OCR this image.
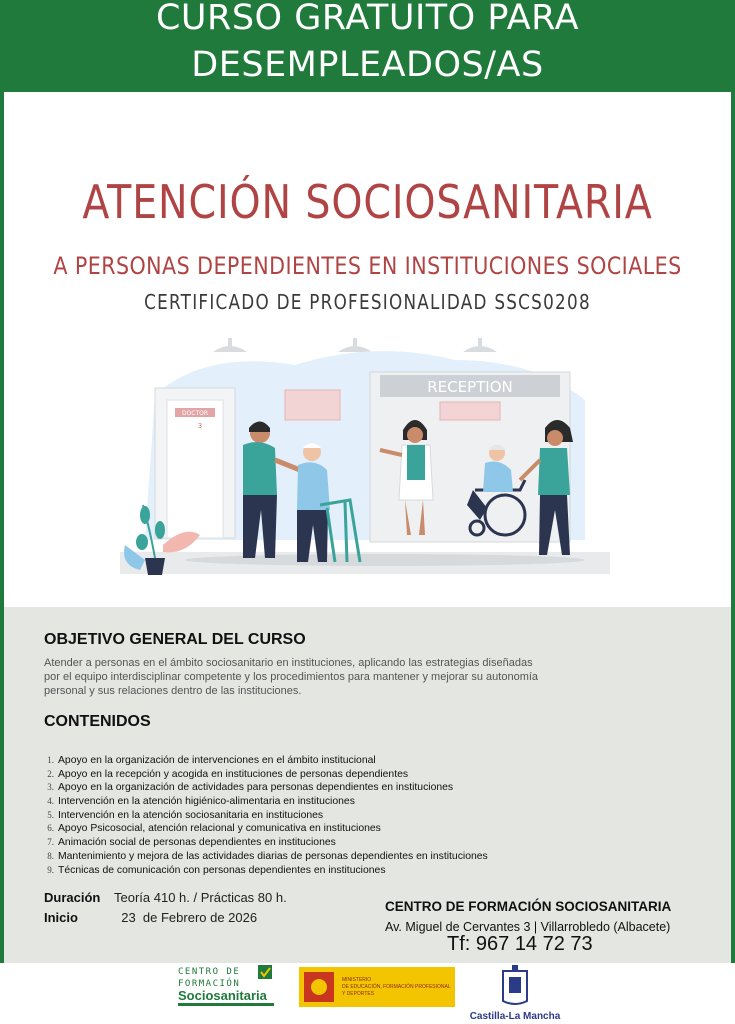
CURSO GRATUITO PARA
DESEMPLEADOS/AS
ATENCIÓN SOCIOSANITARIA
A PERSONAS DEPENDIENTES EN INSTITUCIONES SOCIALES
CERTIFICADO DE PROFESIONALIDAD SSCS0208
RECEPTION
DOCTOR
3
OBJETIVO GENERAL DEL CURSO
Atender a personas en el ámbito sociosanitario en instituciones, aplicando las estrategias diseñadas
por el equipo interdisciplinar competente y los procedimientos para mantener y mejorar su autonomía
personal y sus relaciones dentro de las instituciones.
CONTENIDOS
1. Apoyo en la organización de intervenciones en el ámbito institucional
2. Apoyo en la recepción y acogida en instituciones de personas dependientes
3. Apoyo en la organización de actividades para personas dependientes en instituciones
4. Intervención en la atención higiénico-alimentaria en instituciones
5. Intervención en la atención sociosanitaria en instituciones
6. Apoyo Psicosocial, atención relacional y comunicativa en instituciones
7. Animación social de personas dependientes en instituciones
8. Mantenimiento y mejora de las actividades diarias de personas dependientes en instituciones
9. Técnicas de comunicación con personas dependientes en instituciones
Duración Teoría 410 h. / Prácticas 80 h.
Inicio	23  de Febrero de 2026
CENTRO DE FORMACIÓN SOCIOSANITARIA
Av. Miguel de Cervantes 3 | Villarrobledo (Albacete)
Tf: 967 14 72 73
CENTRO DE
FORMACIÓN
Sociosanitaria
MINISTERIO
DE EDUCACIÓN, FORMACIÓN PROFESIONAL
Y DEPORTES
Castilla-La Mancha
